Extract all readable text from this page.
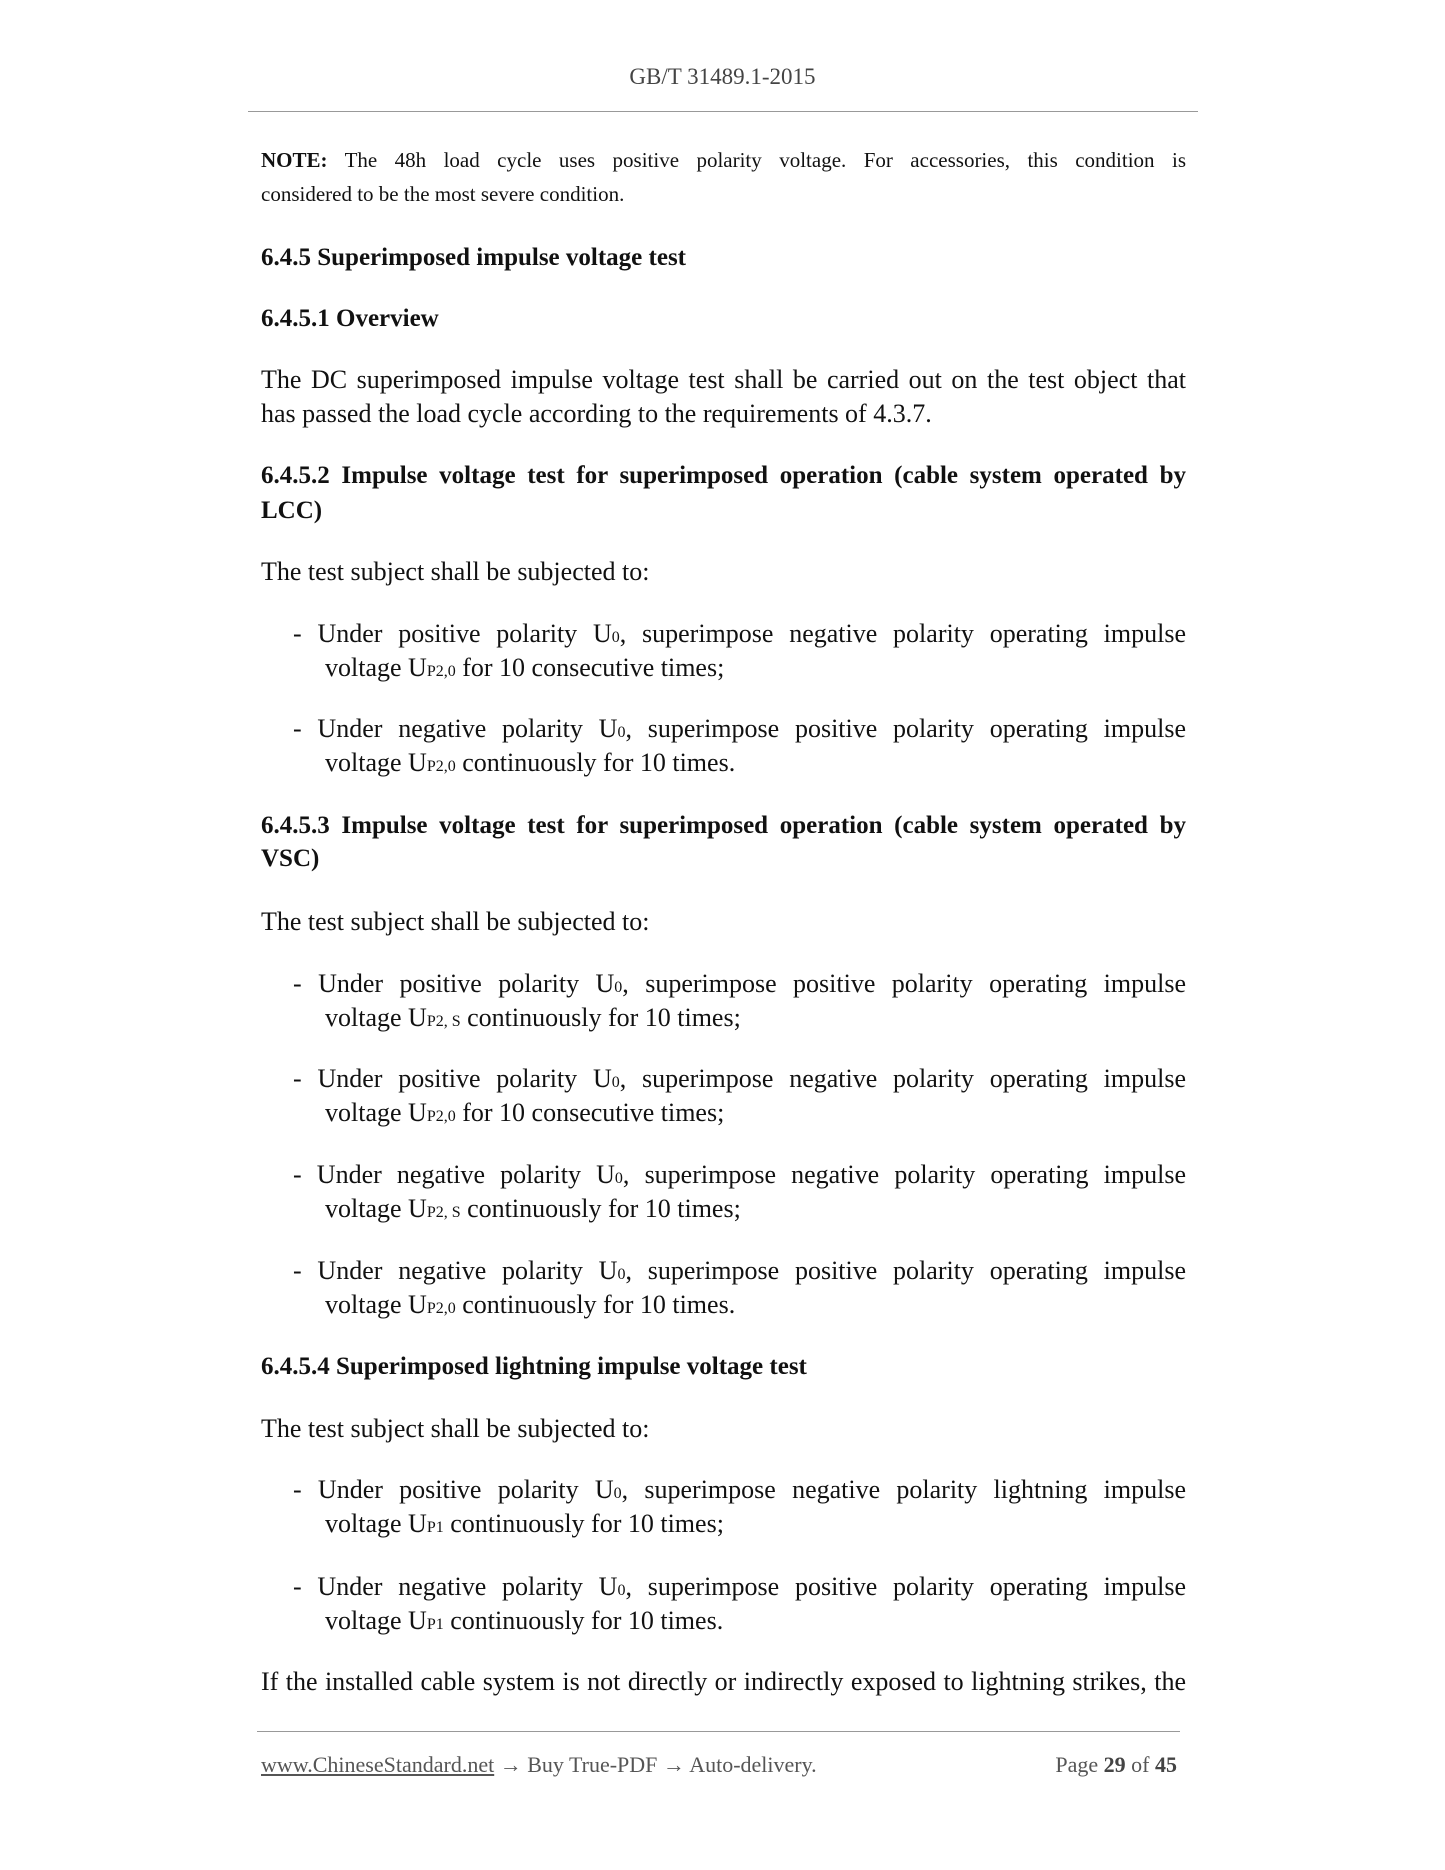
GB/T 31489.1-2015
NOTE: The 48h load cycle uses positive polarity voltage. For accessories, this condition is
considered to be the most severe condition.
6.4.5 Superimposed impulse voltage test
6.4.5.1 Overview
The DC superimposed impulse voltage test shall be carried out on the test object that
has passed the load cycle according to the requirements of 4.3.7.
6.4.5.2 Impulse voltage test for superimposed operation (cable system operated by
LCC)
The test subject shall be subjected to:
- Under positive polarity U0, superimpose negative polarity operating impulse
voltage UP2,0 for 10 consecutive times;
- Under negative polarity U0, superimpose positive polarity operating impulse
voltage UP2,0 continuously for 10 times.
6.4.5.3 Impulse voltage test for superimposed operation (cable system operated by
VSC)
The test subject shall be subjected to:
- Under positive polarity U0, superimpose positive polarity operating impulse
voltage UP2, S continuously for 10 times;
- Under positive polarity U0, superimpose negative polarity operating impulse
voltage UP2,0 for 10 consecutive times;
- Under negative polarity U0, superimpose negative polarity operating impulse
voltage UP2, S continuously for 10 times;
- Under negative polarity U0, superimpose positive polarity operating impulse
voltage UP2,0 continuously for 10 times.
6.4.5.4 Superimposed lightning impulse voltage test
The test subject shall be subjected to:
- Under positive polarity U0, superimpose negative polarity lightning impulse
voltage UP1 continuously for 10 times;
- Under negative polarity U0, superimpose positive polarity operating impulse
voltage UP1 continuously for 10 times.
If the installed cable system is not directly or indirectly exposed to lightning strikes, the
www.ChineseStandard.net → Buy True-PDF → Auto-delivery.	Page 29 of 45
